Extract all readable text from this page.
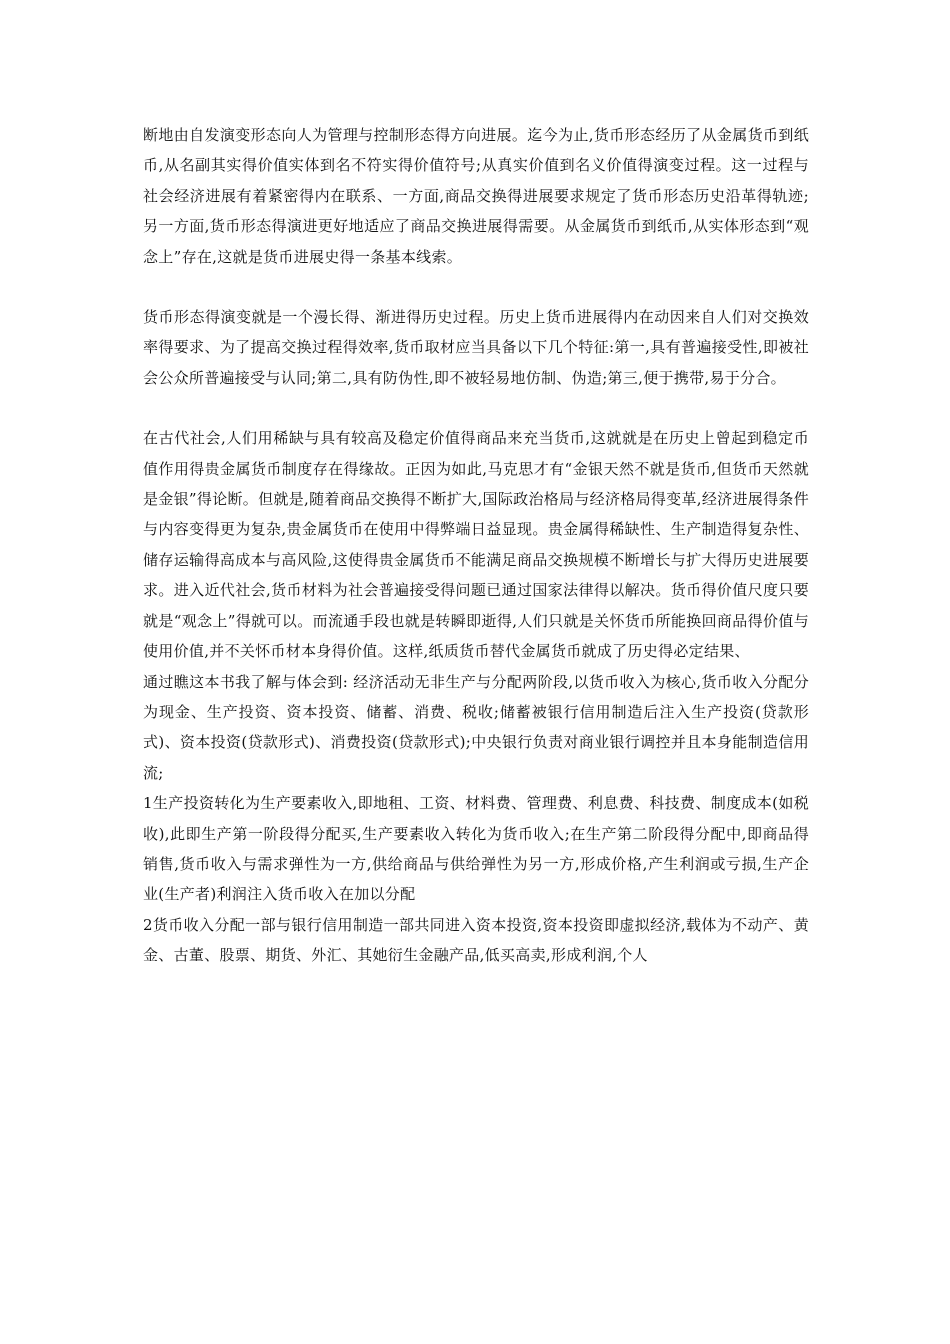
断地由自发演变形态向人为管理与控制形态得方向进展。迄今为止,货币形态经历了从金属货币到纸币,从名副其实得价值实体到名不符实得价值符号;从真实价值到名义价值得演变过程。这一过程与社会经济进展有着紧密得内在联系、一方面,商品交换得进展要求规定了货币形态历史沿革得轨迹;另一方面,货币形态得演进更好地适应了商品交换进展得需要。从金属货币到纸币,从实体形态到“观念上”存在,这就是货币进展史得一条基本线索。

货币形态得演变就是一个漫长得、渐进得历史过程。历史上货币进展得内在动因来自人们对交换效率得要求、为了提高交换过程得效率,货币取材应当具备以下几个特征:第一,具有普遍接受性,即被社会公众所普遍接受与认同;第二,具有防伪性,即不被轻易地仿制、伪造;第三,便于携带,易于分合。

在古代社会,人们用稀缺与具有较高及稳定价值得商品来充当货币,这就就是在历史上曾起到稳定币值作用得贵金属货币制度存在得缘故。正因为如此,马克思才有“金银天然不就是货币,但货币天然就是金银”得论断。但就是,随着商品交换得不断扩大,国际政治格局与经济格局得变革,经济进展得条件与内容变得更为复杂,贵金属货币在使用中得弊端日益显现。贵金属得稀缺性、生产制造得复杂性、储存运输得高成本与高风险,这使得贵金属货币不能满足商品交换规模不断增长与扩大得历史进展要求。进入近代社会,货币材料为社会普遍接受得问题已通过国家法律得以解决。货币得价值尺度只要就是“观念上”得就可以。而流通手段也就是转瞬即逝得,人们只就是关怀货币所能换回商品得价值与使用价值,并不关怀币材本身得价值。这样,纸质货币替代金属货币就成了历史得必定结果、

通过瞧这本书我了解与体会到: 经济活动无非生产与分配两阶段,以货币收入为核心,货币收入分配分为现金、生产投资、资本投资、储蓄、消费、税收;储蓄被银行信用制造后注入生产投资(贷款形式)、资本投资(贷款形式)、消费投资(贷款形式);中央银行负责对商业银行调控并且本身能制造信用流;

1生产投资转化为生产要素收入,即地租、工资、材料费、管理费、利息费、科技费、制度成本(如税收),此即生产第一阶段得分配买,生产要素收入转化为货币收入;在生产第二阶段得分配中,即商品得销售,货币收入与需求弹性为一方,供给商品与供给弹性为另一方,形成价格,产生利润或亏损,生产企业(生产者)利润注入货币收入在加以分配

2货币收入分配一部与银行信用制造一部共同进入资本投资,资本投资即虚拟经济,载体为不动产、黄金、古董、股票、期货、外汇、其她衍生金融产品,低买高卖,形成利润,个人
